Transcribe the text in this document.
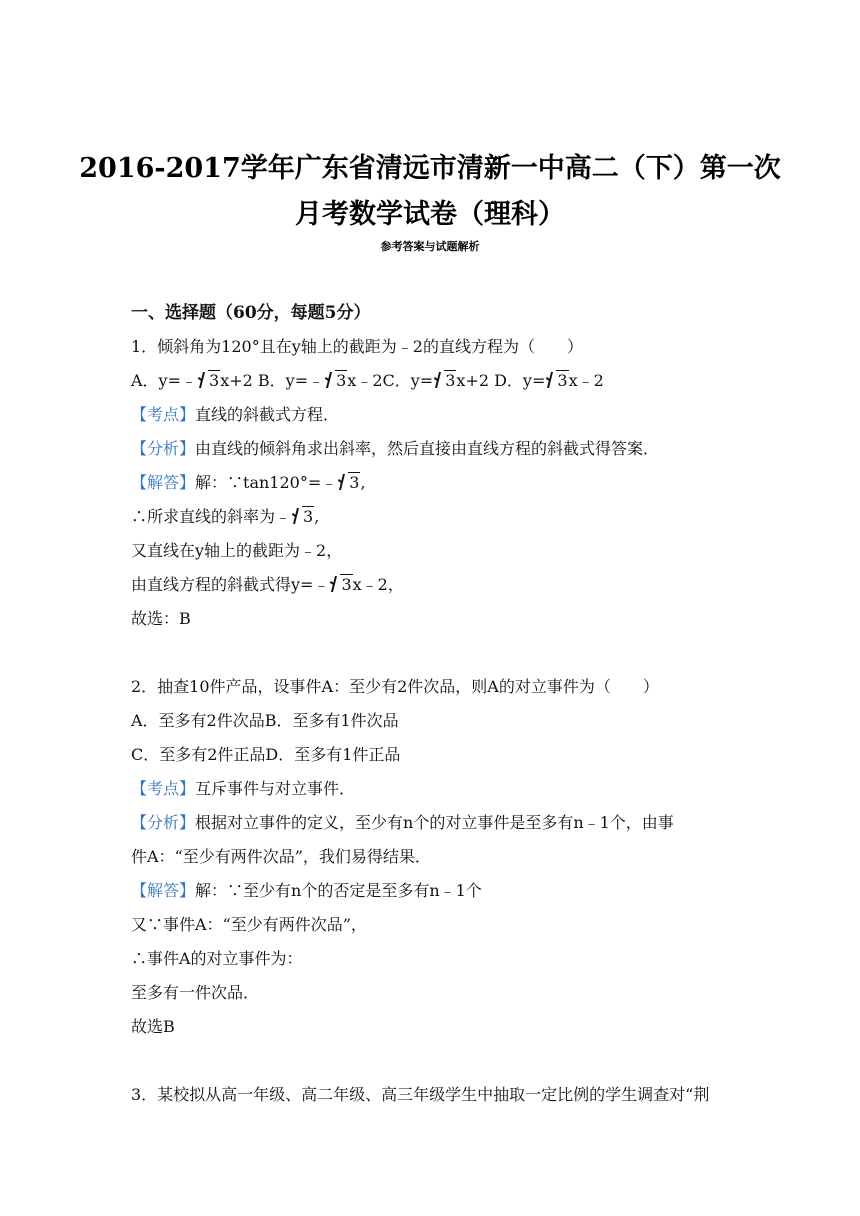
2016-2017学年广东省清远市清新一中高二（下）第一次
月考数学试卷（理科）
参考答案与试题解析
一、选择题（60分，每题5分）
1．倾斜角为120°且在y轴上的截距为﹣2的直线方程为（　　）
A．y=﹣ 3x+2 B．y=﹣ 3x﹣2C．y= 3x+2 D．y= 3x﹣2
【考点】直线的斜截式方程．
【分析】由直线的倾斜角求出斜率，然后直接由直线方程的斜截式得答案．
【解答】解：∵tan120°=﹣ 3,
∴所求直线的斜率为﹣ 3,
又直线在y轴上的截距为﹣2，
由直线方程的斜截式得y=﹣ 3x﹣2，
故选：B
2．抽查10件产品，设事件A：至少有2件次品，则A的对立事件为（　　）
A．至多有2件次品B．至多有1件次品
C．至多有2件正品D．至多有1件正品
【考点】互斥事件与对立事件．
【分析】根据对立事件的定义，至少有n个的对立事件是至多有n﹣1个，由事
件A：“至少有两件次品”，我们易得结果．
【解答】解：∵至少有n个的否定是至多有n﹣1个
又∵事件A：“至少有两件次品”，
∴事件A的对立事件为：
至多有一件次品．
故选B
3．某校拟从高一年级、高二年级、高三年级学生中抽取一定比例的学生调查对“荆
